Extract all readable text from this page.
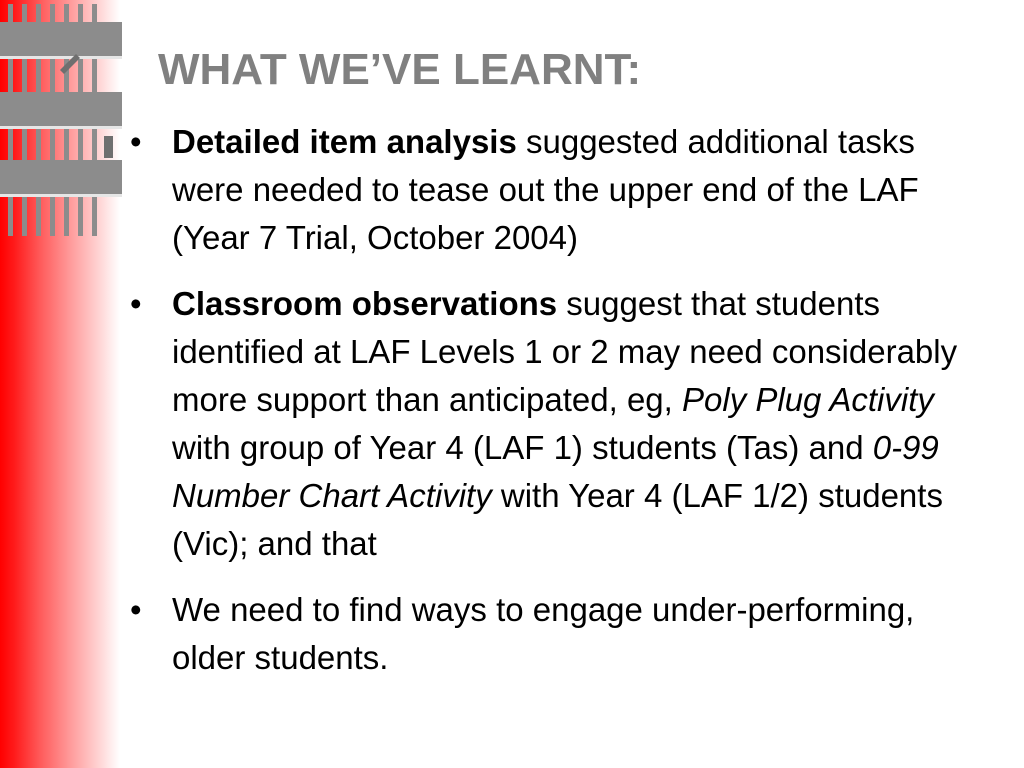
WHAT WE’VE LEARNT:
• Detailed item analysis suggested additional tasks were needed to tease out the upper end of the LAF (Year 7 Trial, October 2004)
• Classroom observations suggest that students identified at LAF Levels 1 or 2 may need considerably more support than anticipated, eg, Poly Plug Activity with group of Year 4 (LAF 1) students (Tas) and 0-99 Number Chart Activity with Year 4 (LAF 1/2) students (Vic); and that
• We need to find ways to engage under-performing, older students.
